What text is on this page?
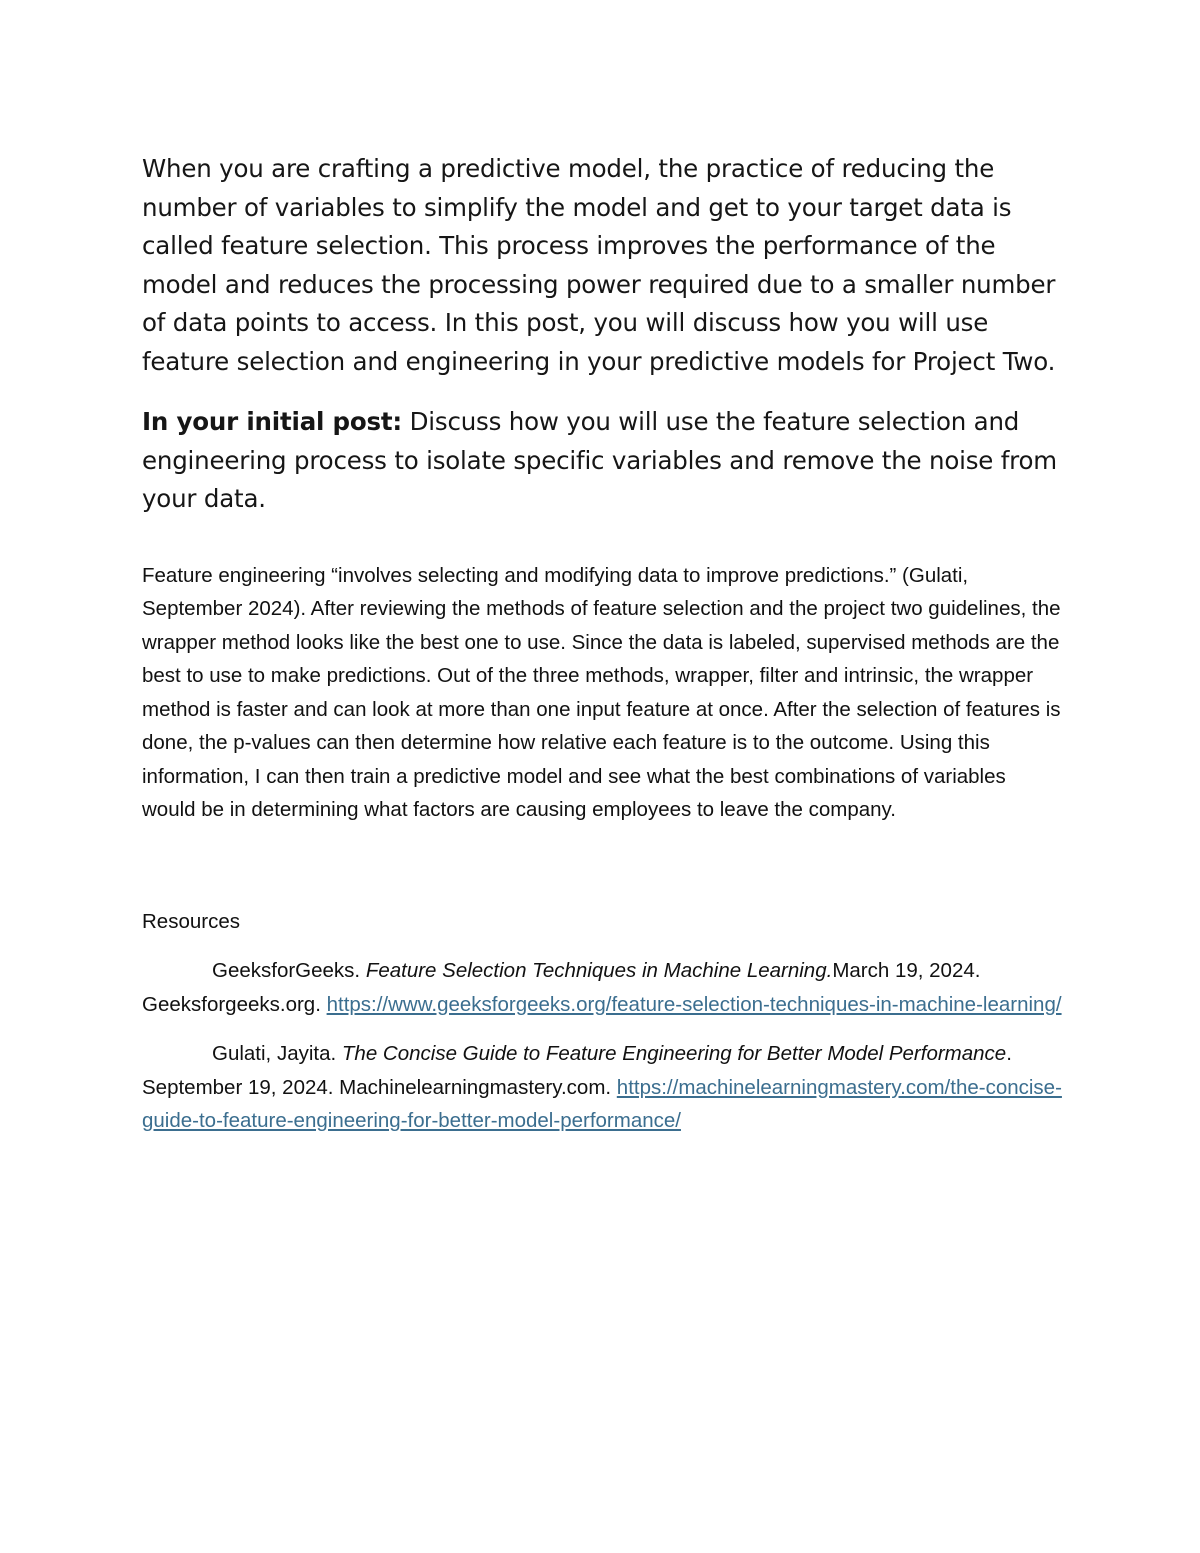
When you are crafting a predictive model, the practice of reducing the number of variables to simplify the model and get to your target data is called feature selection. This process improves the performance of the model and reduces the processing power required due to a smaller number of data points to access. In this post, you will discuss how you will use feature selection and engineering in your predictive models for Project Two.

In your initial post: Discuss how you will use the feature selection and engineering process to isolate specific variables and remove the noise from your data.

Feature engineering “involves selecting and modifying data to improve predictions.” (Gulati, September 2024). After reviewing the methods of feature selection and the project two guidelines, the wrapper method looks like the best one to use. Since the data is labeled, supervised methods are the best to use to make predictions. Out of the three methods, wrapper, filter and intrinsic, the wrapper method is faster and can look at more than one input feature at once. After the selection of features is done, the p-values can then determine how relative each feature is to the outcome. Using this information, I can then train a predictive model and see what the best combinations of variables would be in determining what factors are causing employees to leave the company.

Resources

GeeksforGeeks. Feature Selection Techniques in Machine Learning.March 19, 2024. Geeksforgeeks.org. https://www.geeksforgeeks.org/feature-selection-techniques-in-machine-learning/

Gulati, Jayita. The Concise Guide to Feature Engineering for Better Model Performance. September 19, 2024. Machinelearningmastery.com. https://machinelearningmastery.com/the-concise-guide-to-feature-engineering-for-better-model-performance/
